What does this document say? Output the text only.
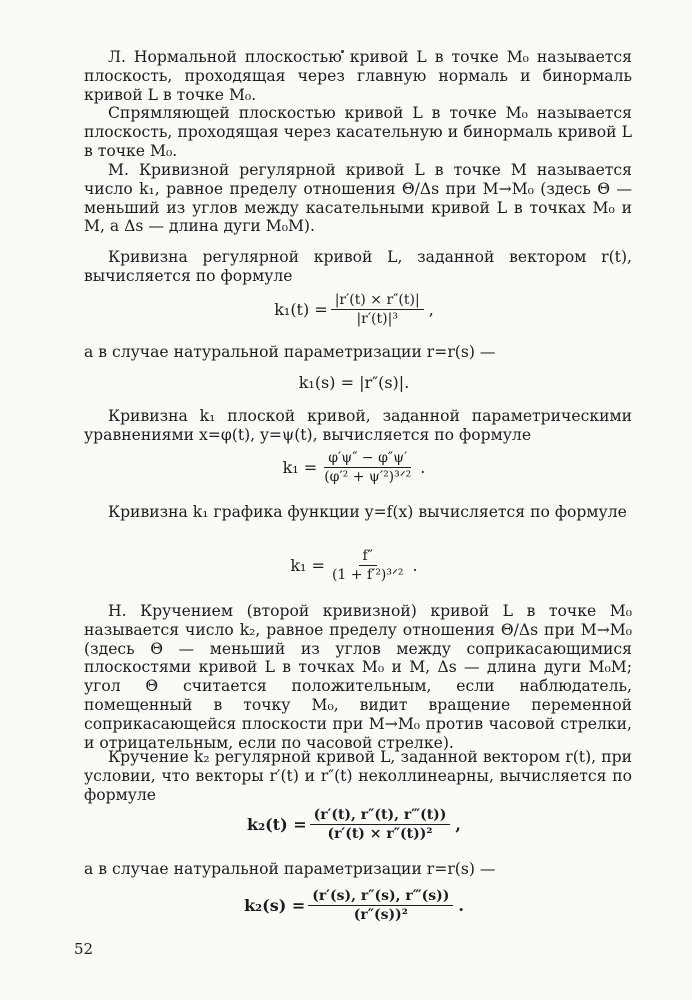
Л. Нормальной плоскостью кривой L в точке M₀ называется плоскость, проходящая через главную нормаль и бинормаль кривой L в точке M₀.

Спрямляющей плоскостью кривой L в точке M₀ называется плоскость, проходящая через касательную и бинормаль кривой L в точке M₀.

М. Кривизной регулярной кривой L в точке M называется число k₁, равное пределу отношения Θ/Δs при M→M₀ (здесь Θ — меньший из углов между касательными кривой L в точках M₀ и M, а Δs — длина дуги M₀M).

Кривизна регулярной кривой L, заданной вектором r(t), вычисляется по формуле

$k_1(t) = \frac{|r'(t) \times r''(t)|}{\text{|r′(t)|³}}$ ,

а в случае натуральной параметризации r=r(s) —

k₁(s) = |r″(s)|.

Кривизна k₁ плоской кривой, заданной параметрическими уравнениями x=φ(t), y=ψ(t), вычисляется по формуле

$k_1 = \frac{\varphi'\psi'' - \varphi''\psi'}{\text{(φ′² + ψ′²)³ᐟ²}}$ .

Кривизна k₁ графика функции y=f(x) вычисляется по формуле

$k_1 = \frac{f''}{\text{(1 + f′²)³ᐟ²}}$ .

Н. Кручением (второй кривизной) кривой L в точке M₀ называется число k₂, равное пределу отношения Θ/Δs при M→M₀ (здесь Θ — меньший из углов между соприкасающимися плоскостями кривой L в точках M₀ и M, Δs — длина дуги M₀M; угол Θ считается положительным, если наблюдатель, помещенный в точку M₀, видит вращение переменной соприкасающейся плоскости при M→M₀ против часовой стрелки, и отрицательным, если по часовой стрелке).

Кручение k₂ регулярной кривой L, заданной вектором r(t), при условии, что векторы r′(t) и r″(t) неколлинеарны, вычисляется по формуле

$k_2(t) = \frac{(r'(t), r''(t), r‴(t))}{\text{(r′(t) × r″(t))²}}$ ,

а в случае натуральной параметризации r=r(s) —

$k_2(s) = \frac{(r'(s), r''(s), r‴(s))}{\text{(r″(s))²}}$ .
52
